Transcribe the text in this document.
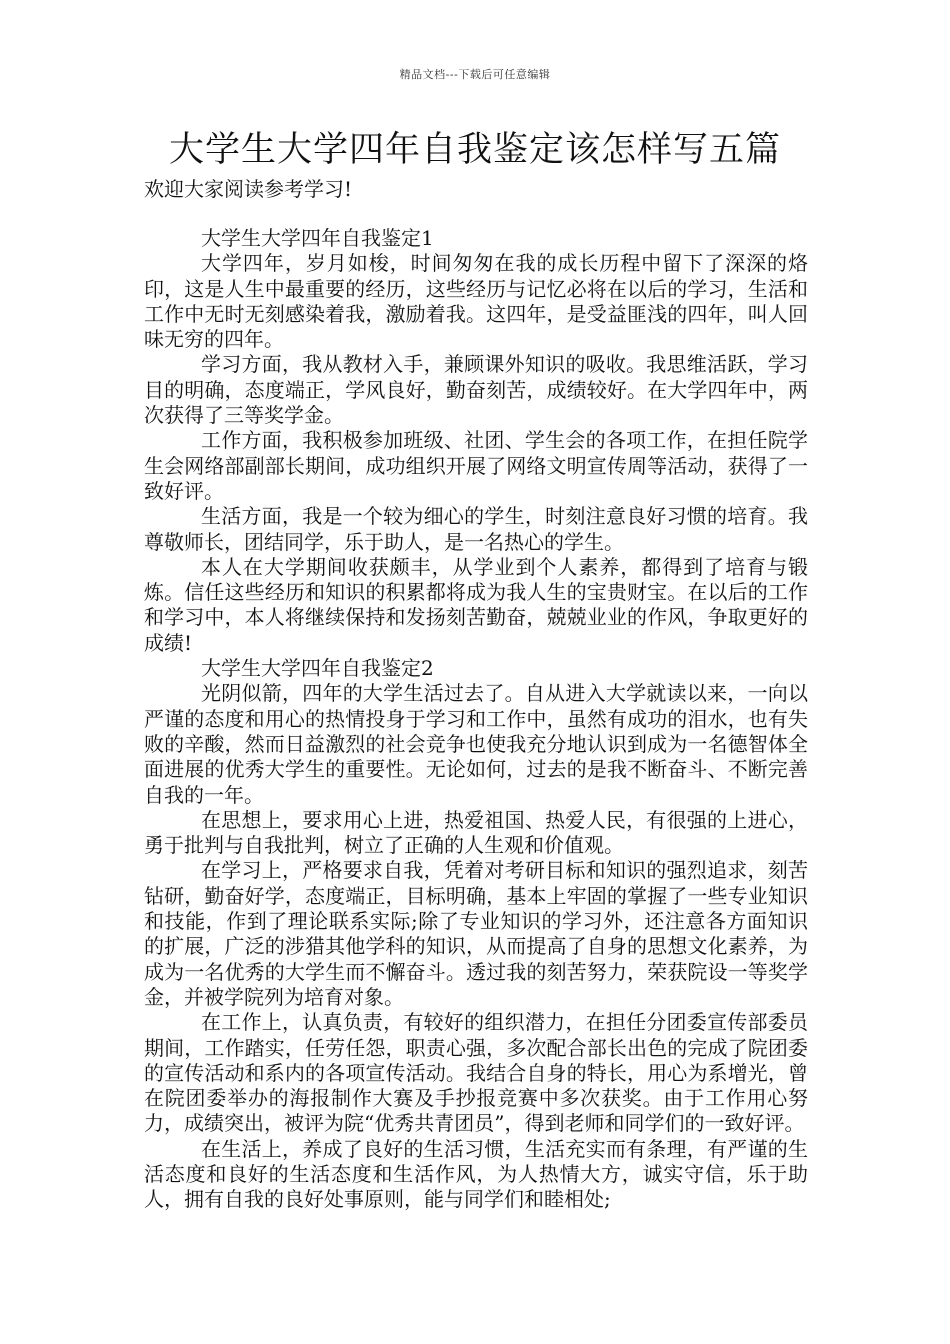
精品文档---下载后可任意编辑
大学生大学四年自我鉴定该怎样写五篇

欢迎大家阅读参考学习!

大学生大学四年自我鉴定1

大学四年，岁月如梭，时间匆匆在我的成长历程中留下了深深的烙印，这是人生中最重要的经历，这些经历与记忆必将在以后的学习，生活和工作中无时无刻感染着我，激励着我。这四年，是受益匪浅的四年，叫人回味无穷的四年。

学习方面，我从教材入手，兼顾课外知识的吸收。我思维活跃，学习目的明确，态度端正，学风良好，勤奋刻苦，成绩较好。在大学四年中，两次获得了三等奖学金。

工作方面，我积极参加班级、社团、学生会的各项工作，在担任院学生会网络部副部长期间，成功组织开展了网络文明宣传周等活动，获得了一致好评。

生活方面，我是一个较为细心的学生，时刻注意良好习惯的培育。我尊敬师长，团结同学，乐于助人，是一名热心的学生。

本人在大学期间收获颇丰，从学业到个人素养，都得到了培育与锻炼。信任这些经历和知识的积累都将成为我人生的宝贵财宝。在以后的工作和学习中，本人将继续保持和发扬刻苦勤奋，兢兢业业的作风，争取更好的成绩!

大学生大学四年自我鉴定2

光阴似箭，四年的大学生活过去了。自从进入大学就读以来，一向以严谨的态度和用心的热情投身于学习和工作中，虽然有成功的泪水，也有失败的辛酸，然而日益激烈的社会竞争也使我充分地认识到成为一名德智体全面进展的优秀大学生的重要性。无论如何，过去的是我不断奋斗、不断完善自我的一年。

在思想上，要求用心上进，热爱祖国、热爱人民，有很强的上进心，勇于批判与自我批判，树立了正确的人生观和价值观。

在学习上，严格要求自我，凭着对考研目标和知识的强烈追求，刻苦钻研，勤奋好学，态度端正，目标明确，基本上牢固的掌握了一些专业知识和技能，作到了理论联系实际;除了专业知识的学习外，还注意各方面知识的扩展，广泛的涉猎其他学科的知识，从而提高了自身的思想文化素养，为成为一名优秀的大学生而不懈奋斗。透过我的刻苦努力，荣获院设一等奖学金，并被学院列为培育对象。

在工作上，认真负责，有较好的组织潜力，在担任分团委宣传部委员期间，工作踏实，任劳任怨，职责心强，多次配合部长出色的完成了院团委的宣传活动和系内的各项宣传活动。我结合自身的特长，用心为系增光，曾在院团委举办的海报制作大赛及手抄报竞赛中多次获奖。由于工作用心努力，成绩突出，被评为院“优秀共青团员”，得到老师和同学们的一致好评。

在生活上，养成了良好的生活习惯，生活充实而有条理，有严谨的生活态度和良好的生活态度和生活作风，为人热情大方，诚实守信，乐于助人，拥有自我的良好处事原则，能与同学们和睦相处;
